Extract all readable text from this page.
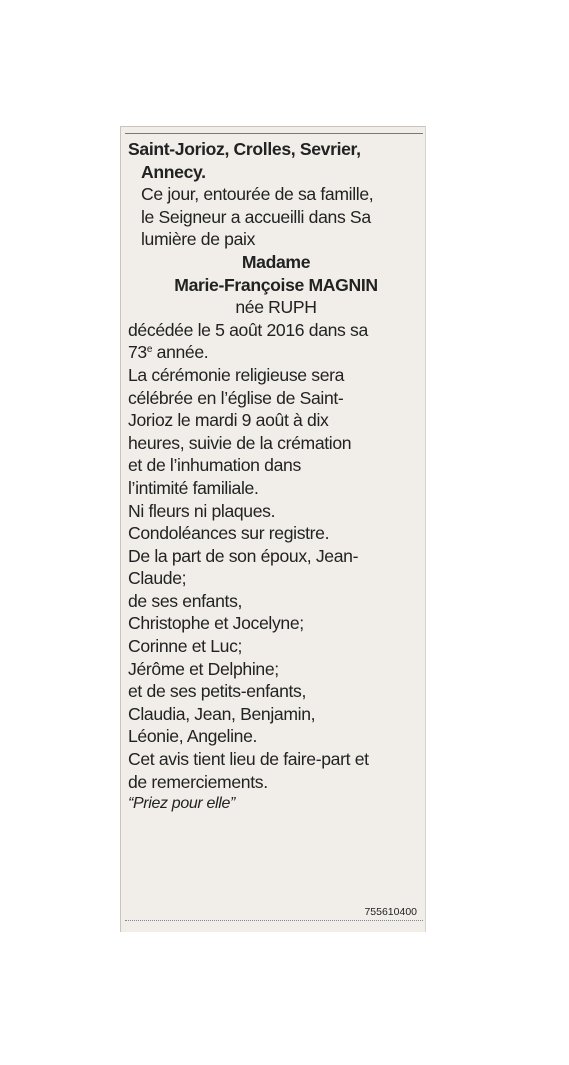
Saint-Jorioz, Crolles, Sevrier,

Annecy.

Ce jour, entourée de sa famille,

le Seigneur a accueilli dans Sa

lumière de paix

Madame

Marie-Françoise MAGNIN

née RUPH

décédée le 5 août 2016 dans sa

73e année.

La cérémonie religieuse sera

célébrée en l’église de Saint-

Jorioz le mardi 9 août à dix

heures, suivie de la crémation

et de l’inhumation dans

l’intimité familiale.

Ni fleurs ni plaques.

Condoléances sur registre.

De la part de son époux, Jean-

Claude;

de ses enfants,

Christophe et Jocelyne;

Corinne et Luc;

Jérôme et Delphine;

et de ses petits-enfants,

Claudia, Jean, Benjamin,

Léonie, Angeline.

Cet avis tient lieu de faire-part et

de remerciements.

“Priez pour elle”

755610400
